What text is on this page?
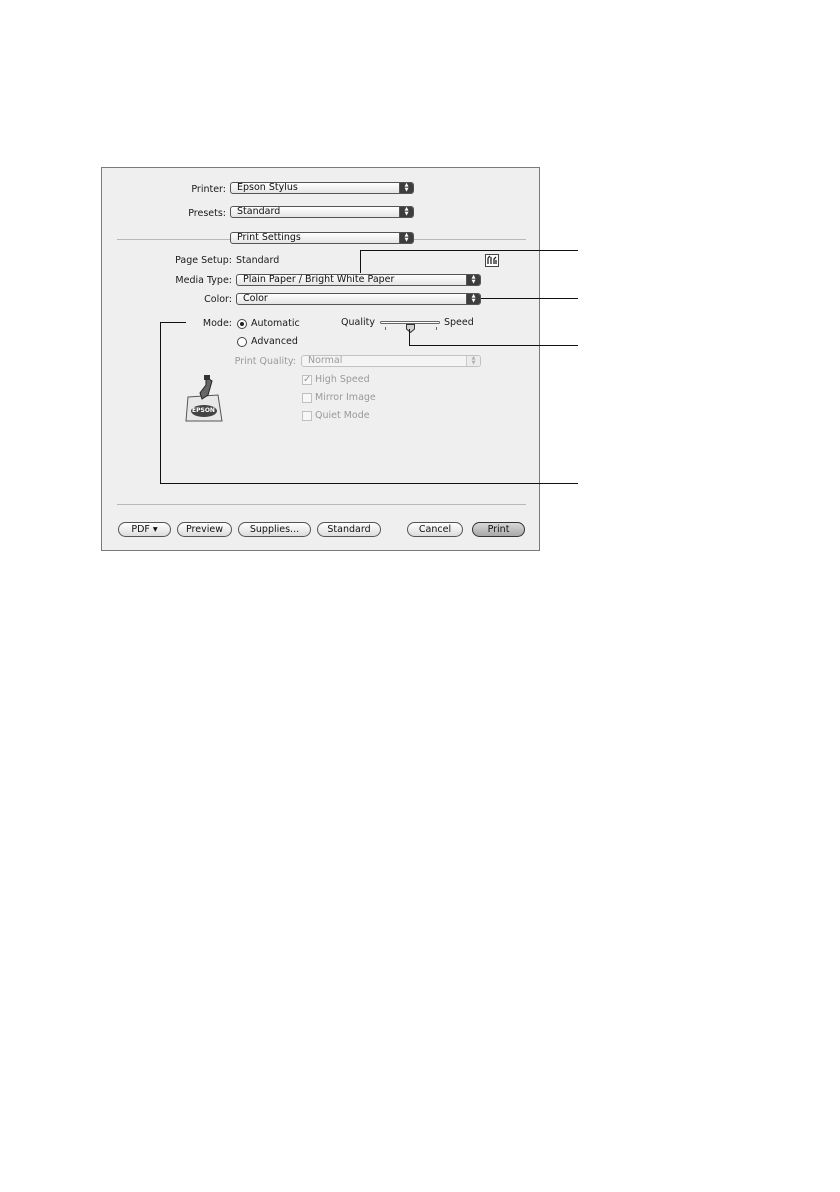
Printer:	Epson Stylus	▲
▼
Presets:	Standard	▲
▼
Print Settings	▲
▼
Page Setup: Standard
Media Type:	Plain Paper / Bright White Paper	▲
▼
Color:	Color	▲
▼
Mode: Automatic
Advanced
Quality	Speed
Print Quality:	Normal	▲
▼
✓ High Speed
Mirror Image
Quiet Mode
EPSON
PDF ▾	Preview	Supplies...	Standard	Cancel	Print
